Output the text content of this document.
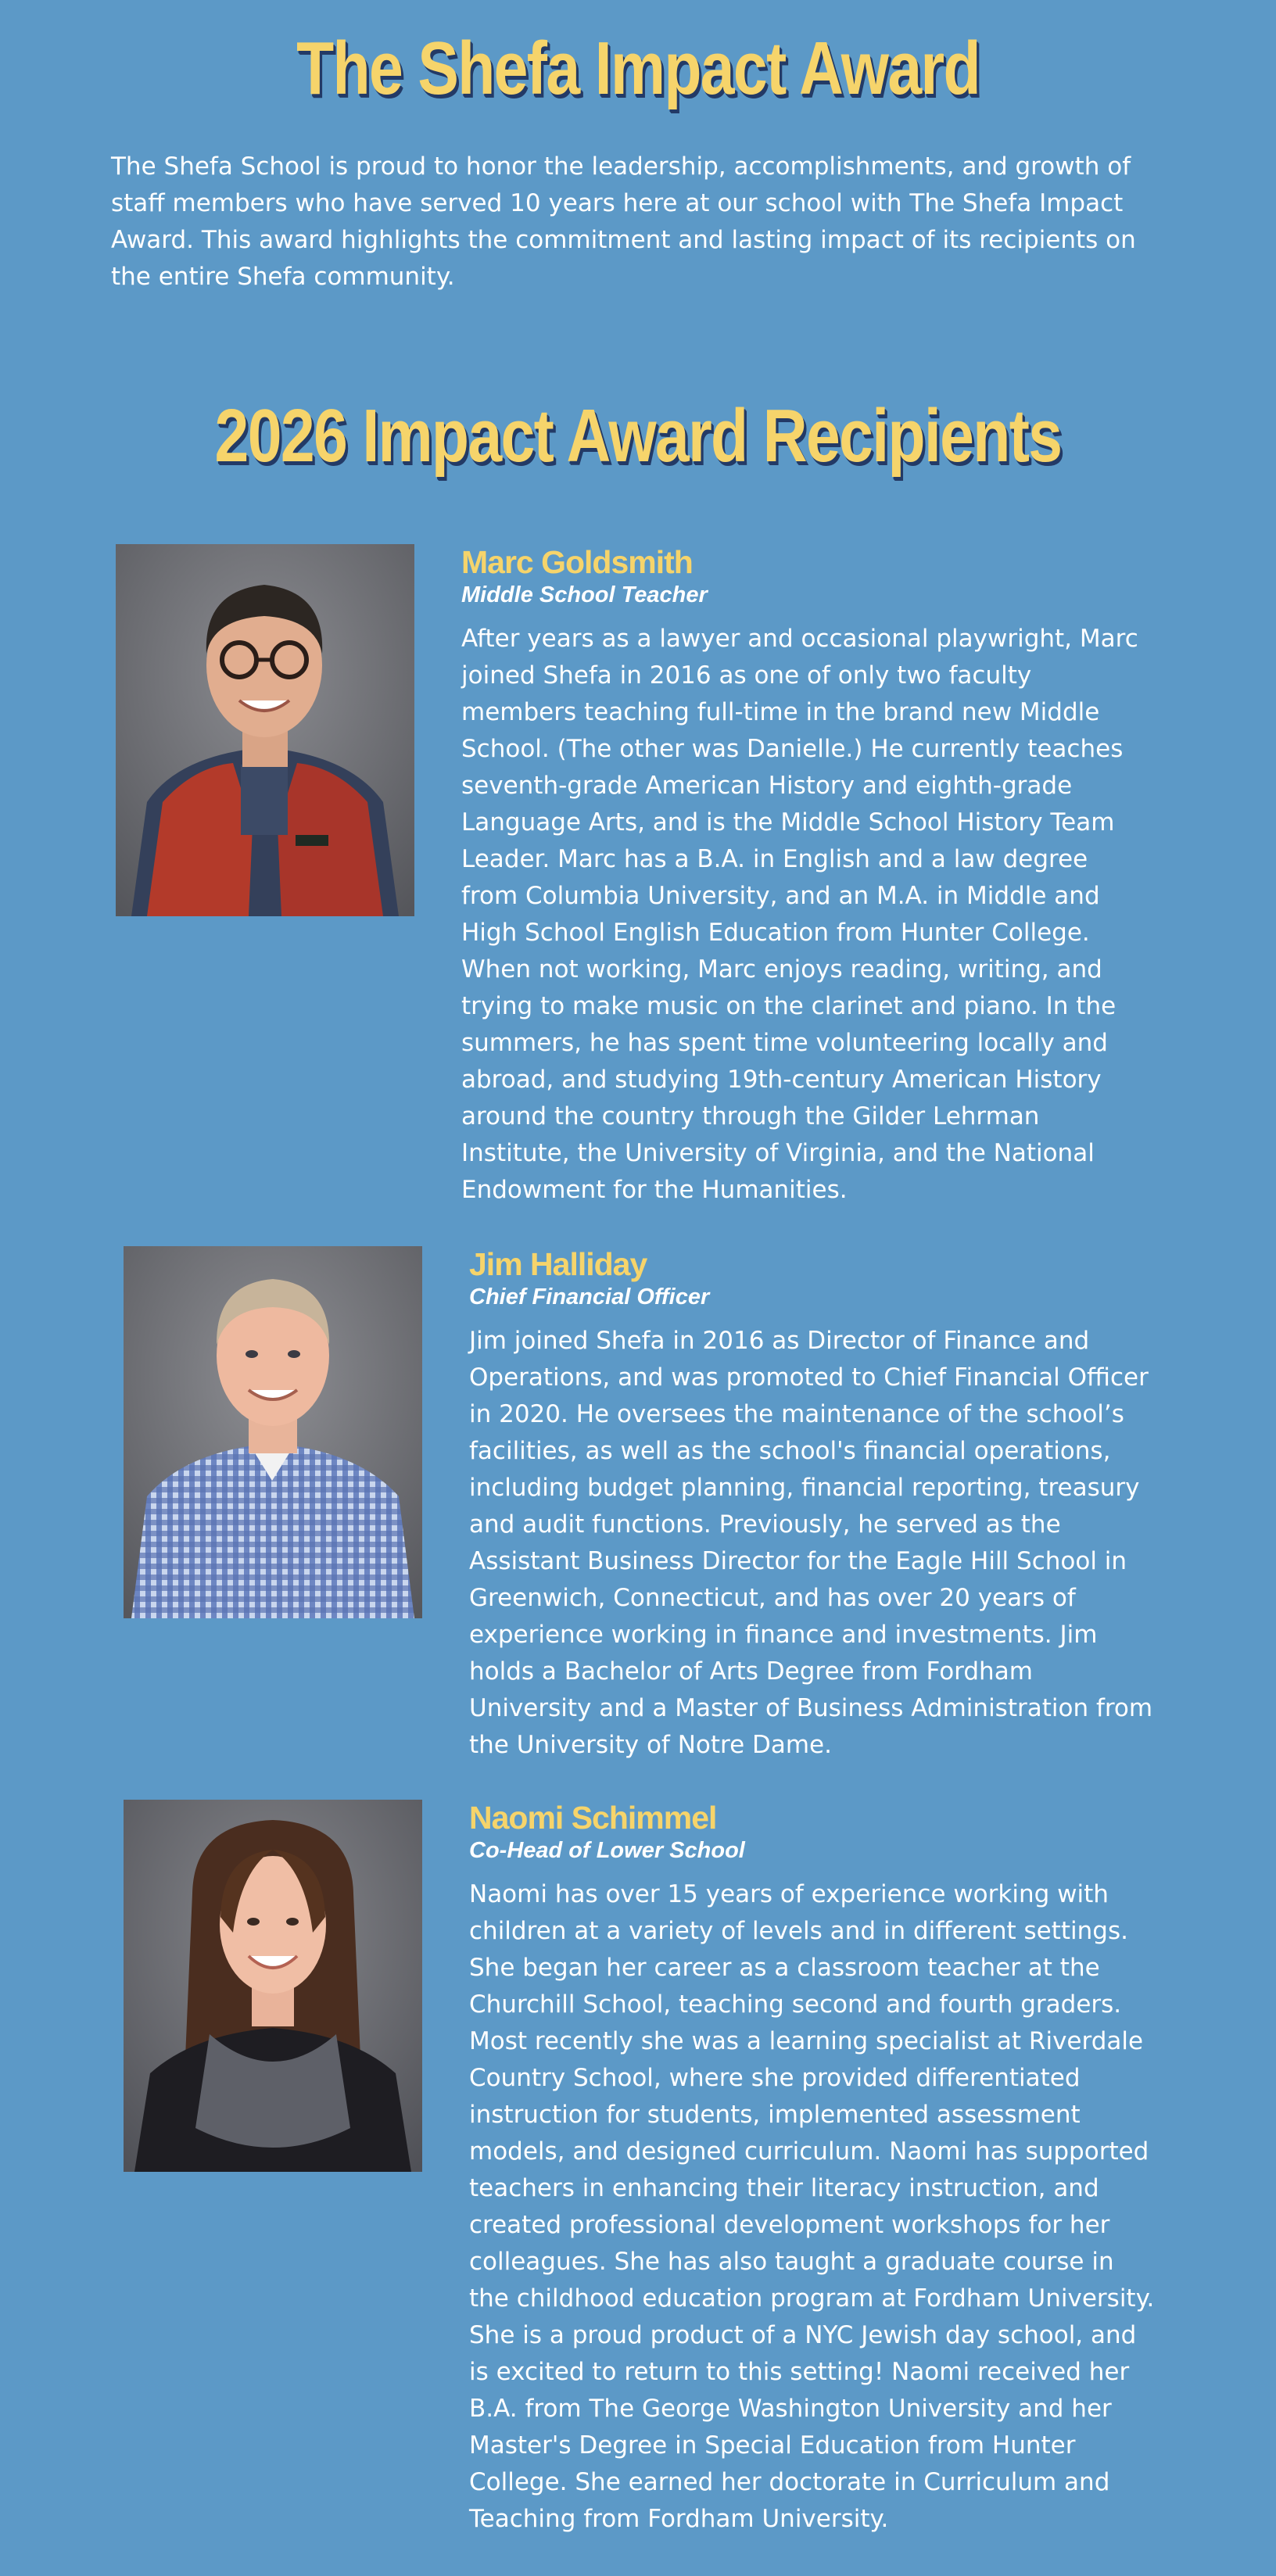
The Shefa Impact Award

The Shefa School is proud to honor the leadership, accomplishments, and growth of staff members who have served 10 years here at our school with The Shefa Impact Award. This award highlights the commitment and lasting impact of its recipients on the entire Shefa community.

2026 Impact Award Recipients

Marc Goldsmith

Middle School Teacher

After years as a lawyer and occasional playwright, Marc joined Shefa in 2016 as one of only two faculty members teaching full-time in the brand new Middle School. (The other was Danielle.) He currently teaches seventh-grade American History and eighth-grade Language Arts, and is the Middle School History Team Leader. Marc has a B.A. in English and a law degree from Columbia University, and an M.A. in Middle and High School English Education from Hunter College. When not working, Marc enjoys reading, writing, and trying to make music on the clarinet and piano. In the summers, he has spent time volunteering locally and abroad, and studying 19th-century American History around the country through the Gilder Lehrman Institute, the University of Virginia, and the National Endowment for the Humanities.

Jim Halliday

Chief Financial Officer

Jim joined Shefa in 2016 as Director of Finance and Operations, and was promoted to Chief Financial Officer in 2020. He oversees the maintenance of the school’s facilities, as well as the school's financial operations, including budget planning, financial reporting, treasury and audit functions. Previously, he served as the Assistant Business Director for the Eagle Hill School in Greenwich, Connecticut, and has over 20 years of experience working in finance and investments. Jim holds a Bachelor of Arts Degree from Fordham University and a Master of Business Administration from the University of Notre Dame.

Naomi Schimmel

Co-Head of Lower School

Naomi has over 15 years of experience working with children at a variety of levels and in different settings. She began her career as a classroom teacher at the Churchill School, teaching second and fourth graders. Most recently she was a learning specialist at Riverdale Country School, where she provided differentiated instruction for students, implemented assessment models, and designed curriculum. Naomi has supported teachers in enhancing their literacy instruction, and created professional development workshops for her colleagues. She has also taught a graduate course in the childhood education program at Fordham University. She is a proud product of a NYC Jewish day school, and is excited to return to this setting! Naomi received her B.A. from The George Washington University and her Master's Degree in Special Education from Hunter College. She earned her doctorate in Curriculum and Teaching from Fordham University.
